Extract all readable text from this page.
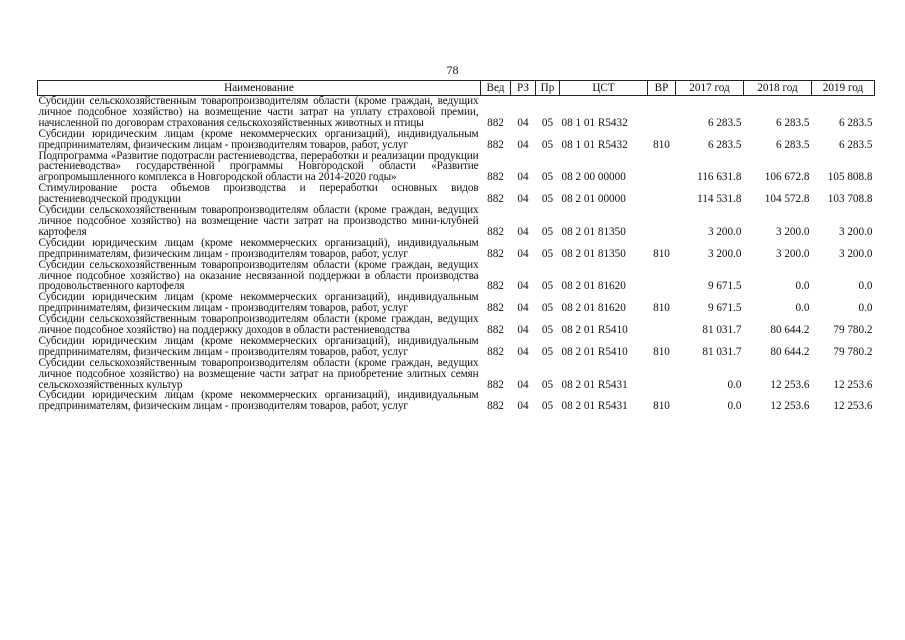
78
Наименование	Вед	РЗ	Пр	ЦСТ	ВР	2017 год	2018 год	2019 год
Субсидии сельскохозяйственным товаропроизводителям области (кроме граждан, ведущих личное подсобное хозяйство) на возмещение части затрат на уплату страховой премии, начисленной по договорам страхования сельскохозяйственных животных и птицы	882	04	05	08 1 01 R5432		6 283.5	6 283.5	6 283.5
Субсидии юридическим лицам (кроме некоммерческих организаций), индивидуальным предпринимателям, физическим лицам - производителям товаров, работ, услуг	882	04	05	08 1 01 R5432	810	6 283.5	6 283.5	6 283.5
Подпрограмма «Развитие подотрасли растениеводства, переработки и реализации продукции растениеводства» государственной программы Новгородской области «Развитие агропромышленного комплекса в Новгородской области на 2014-2020 годы»	882	04	05	08 2 00 00000		116 631.8	106 672.8	105 808.8
Стимулирование роста объемов производства и переработки основных видов растениеводческой продукции	882	04	05	08 2 01 00000		114 531.8	104 572.8	103 708.8
Субсидии сельскохозяйственным товаропроизводителям области (кроме граждан, ведущих личное подсобное хозяйство) на возмещение части затрат на производство мини-клубней картофеля	882	04	05	08 2 01 81350		3 200.0	3 200.0	3 200.0
Субсидии юридическим лицам (кроме некоммерческих организаций), индивидуальным предпринимателям, физическим лицам - производителям товаров, работ, услуг	882	04	05	08 2 01 81350	810	3 200.0	3 200.0	3 200.0
Субсидии сельскохозяйственным товаропроизводителям области (кроме граждан, ведущих личное подсобное хозяйство) на оказание несвязанной поддержки в области производства продовольственного картофеля	882	04	05	08 2 01 81620		9 671.5	0.0	0.0
Субсидии юридическим лицам (кроме некоммерческих организаций), индивидуальным предпринимателям, физическим лицам - производителям товаров, работ, услуг	882	04	05	08 2 01 81620	810	9 671.5	0.0	0.0
Субсидии сельскохозяйственным товаропроизводителям области (кроме граждан, ведущих личное подсобное хозяйство) на поддержку доходов в области растениеводства	882	04	05	08 2 01 R5410		81 031.7	80 644.2	79 780.2
Субсидии юридическим лицам (кроме некоммерческих организаций), индивидуальным предпринимателям, физическим лицам - производителям товаров, работ, услуг	882	04	05	08 2 01 R5410	810	81 031.7	80 644.2	79 780.2
Субсидии сельскохозяйственным товаропроизводителям области (кроме граждан, ведущих личное подсобное хозяйство) на возмещение части затрат на приобретение элитных семян сельскохозяйственных культур	882	04	05	08 2 01 R5431		0.0	12 253.6	12 253.6
Субсидии юридическим лицам (кроме некоммерческих организаций), индивидуальным предпринимателям, физическим лицам - производителям товаров, работ, услуг	882	04	05	08 2 01 R5431	810	0.0	12 253.6	12 253.6
